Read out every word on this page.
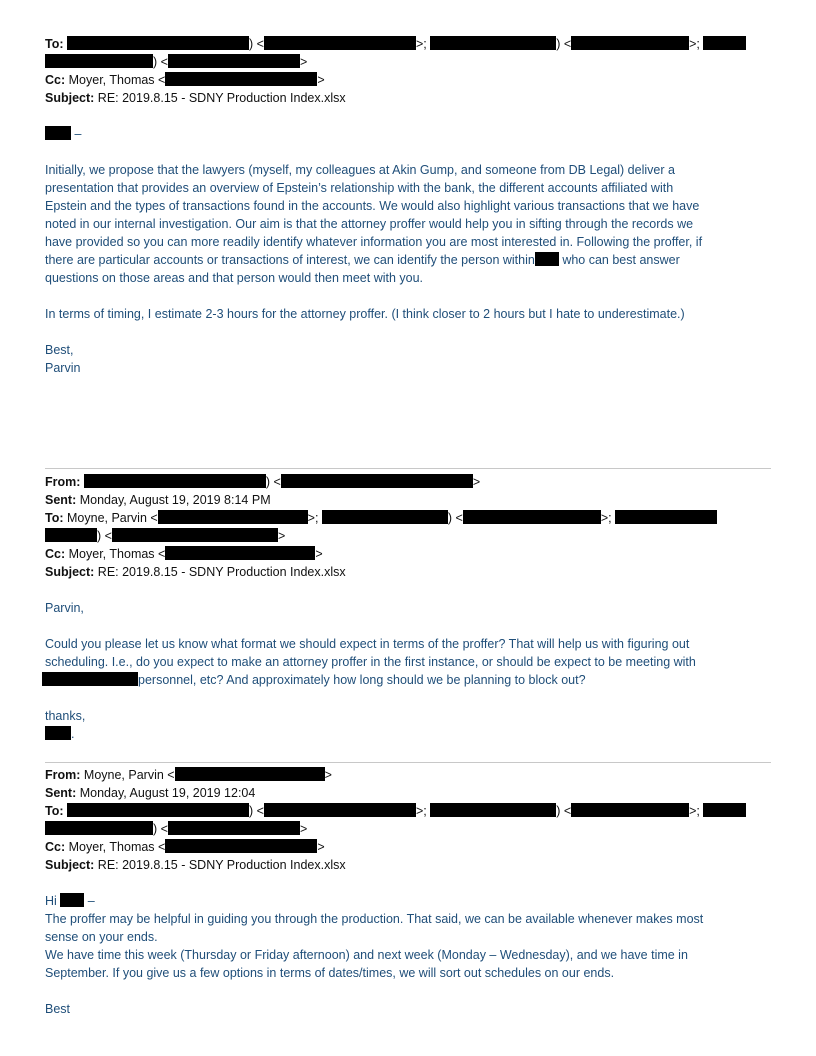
To:	) <	>;	) <	>;
) <	>
Cc: Moyer, Thomas <	>
Subject: RE: 2019.8.15 - SDNY Production Index.xlsx
–
Initially, we propose that the lawyers (myself, my colleagues at Akin Gump, and someone from DB Legal) deliver a
presentation that provides an overview of Epstein’s relationship with the bank, the different accounts affiliated with
Epstein and the types of transactions found in the accounts. We would also highlight various transactions that we have
noted in our internal investigation. Our aim is that the attorney proffer would help you in sifting through the records we
have provided so you can more readily identify whatever information you are most interested in. Following the proffer, if
there are particular accounts or transactions of interest, we can identify the person within who can best answer
questions on those areas and that person would then meet with you.
In terms of timing, I estimate 2-3 hours for the attorney proffer. (I think closer to 2 hours but I hate to underestimate.)
Best,
Parvin
From:	) <	>
Sent: Monday, August 19, 2019 8:14 PM
To: Moyne, Parvin <	>;	) <	>;
) <	>
Cc: Moyer, Thomas <	>
Subject: RE: 2019.8.15 - SDNY Production Index.xlsx
Parvin,
Could you please let us know what format we should expect in terms of the proffer? That will help us with figuring out
scheduling. I.e., do you expect to make an attorney proffer in the first instance, or should be expect to be meeting with
personnel, etc? And approximately how long should we be planning to block out?
thanks,
.
From: Moyne, Parvin <	>
Sent: Monday, August 19, 2019 12:04
To:	) <	>;	) <	>;
) <	>
Cc: Moyer, Thomas <	>
Subject: RE: 2019.8.15 - SDNY Production Index.xlsx
Hi –
The proffer may be helpful in guiding you through the production. That said, we can be available whenever makes most
sense on your ends.
We have time this week (Thursday or Friday afternoon) and next week (Monday – Wednesday), and we have time in
September. If you give us a few options in terms of dates/times, we will sort out schedules on our ends.
Best
